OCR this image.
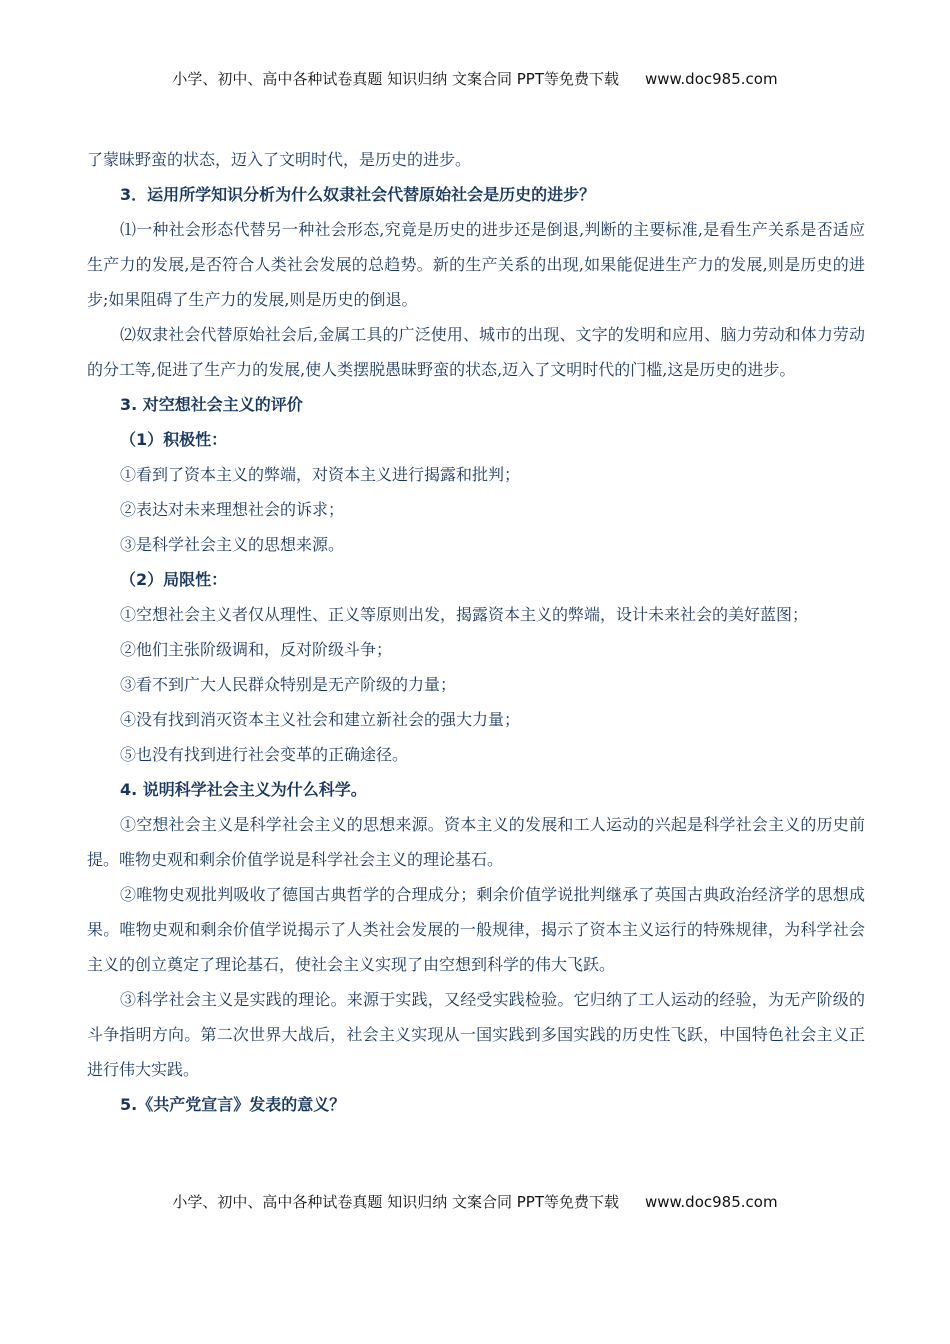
小学、初中、高中各种试卷真题 知识归纳 文案合同 PPT等免费下载 www.doc985.com

了蒙昧野蛮的状态，迈入了文明时代，是历史的进步。

3．运用所学知识分析为什么奴隶社会代替原始社会是历史的进步？

⑴一种社会形态代替另一种社会形态,究竟是历史的进步还是倒退,判断的主要标准,是看生产关系是否适应生产力的发展,是否符合人类社会发展的总趋势。新的生产关系的出现,如果能促进生产力的发展,则是历史的进步;如果阻碍了生产力的发展,则是历史的倒退。

⑵奴隶社会代替原始社会后,金属工具的广泛使用、城市的出现、文字的发明和应用、脑力劳动和体力劳动的分工等,促进了生产力的发展,使人类摆脱愚昧野蛮的状态,迈入了文明时代的门槛,这是历史的进步。

3. 对空想社会主义的评价

（1）积极性：

①看到了资本主义的弊端，对资本主义进行揭露和批判；

②表达对未来理想社会的诉求；

③是科学社会主义的思想来源。

（2）局限性：

①空想社会主义者仅从理性、正义等原则出发，揭露资本主义的弊端，设计未来社会的美好蓝图；

②他们主张阶级调和，反对阶级斗争；

③看不到广大人民群众特别是无产阶级的力量；

④没有找到消灭资本主义社会和建立新社会的强大力量；

⑤也没有找到进行社会变革的正确途径。

4. 说明科学社会主义为什么科学。

①空想社会主义是科学社会主义的思想来源。资本主义的发展和工人运动的兴起是科学社会主义的历史前提。唯物史观和剩余价值学说是科学社会主义的理论基石。

②唯物史观批判吸收了德国古典哲学的合理成分；剩余价值学说批判继承了英国古典政治经济学的思想成果。唯物史观和剩余价值学说揭示了人类社会发展的一般规律，揭示了资本主义运行的特殊规律，为科学社会主义的创立奠定了理论基石，使社会主义实现了由空想到科学的伟大飞跃。

③科学社会主义是实践的理论。来源于实践，又经受实践检验。它归纳了工人运动的经验，为无产阶级的斗争指明方向。第二次世界大战后，社会主义实现从一国实践到多国实践的历史性飞跃，中国特色社会主义正进行伟大实践。

5.《共产党宣言》发表的意义？

小学、初中、高中各种试卷真题 知识归纳 文案合同 PPT等免费下载 www.doc985.com
